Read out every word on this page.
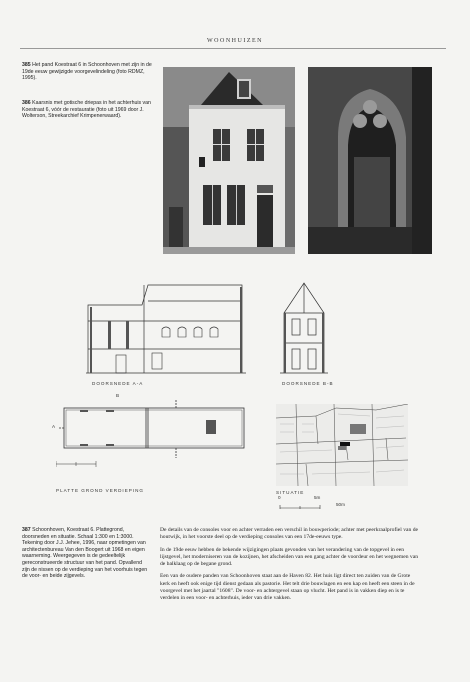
WOONHUIZEN
385 Het pand Koestraat 6 in Schoonhoven met zijn in de 19de eeuw gewijzigde voorgevelindeling (foto RDMZ, 1995).
386 Kaarsnis met gotische driepas in het achterhuis van Koestraat 6, vóór de restauratie (foto uit 1969 door J. Wolterson, Streekarchief Krimpenerwaard).
DOORSNEDE A-A	DOORSNEDE B-B
B
A
PLATTE GROND VERDIEPING	SITUATIE
0	5m
50m
387 Schoonhoven, Koestraat 6. Plattegrond, doorsneden en situatie. Schaal 1:300 en 1:3000. Tekening door J.J. Jehee, 1996, naar opmetingen van architectenbureau Van den Boogert uit 1968 en eigen waarneming. Weergegeven is de gedeeltelijk gereconstrueerde structuur van het pand. Opvallend zijn de nissen op de verdieping van het voorhuis tegen de voor- en beide zijgevels.

De details van de consoles voor en achter verraden een verschil in bouwperiode; achter met peerkraalprofiel van de houtwijk, in het voorste deel op de verdieping consoles van een 17de-eeuws type.

In de 19de eeuw hebben de bekende wijzigingen plaats gevonden van het verandering van de topgevel in een lijstgevel, het moderniseren van de kozijnen, het afscheiden van een gang achter de voordeur en het wegnemen van de balklaag op de begane grond.

Een van de oudere panden van Schoonhoven staat aan de Haven 82. Het huis ligt direct ten zuiden van de Grote kerk en heeft ook enige tijd dienst gedaan als pastorie. Het telt drie bouwlagen en een kap en heeft een steen in de voorgevel met het jaartal "1608". De voor- en achtergevel staan op vlucht. Het pand is in vakken diep en is te verdelen in een voor- en achterhuis, ieder van drie vakken.
